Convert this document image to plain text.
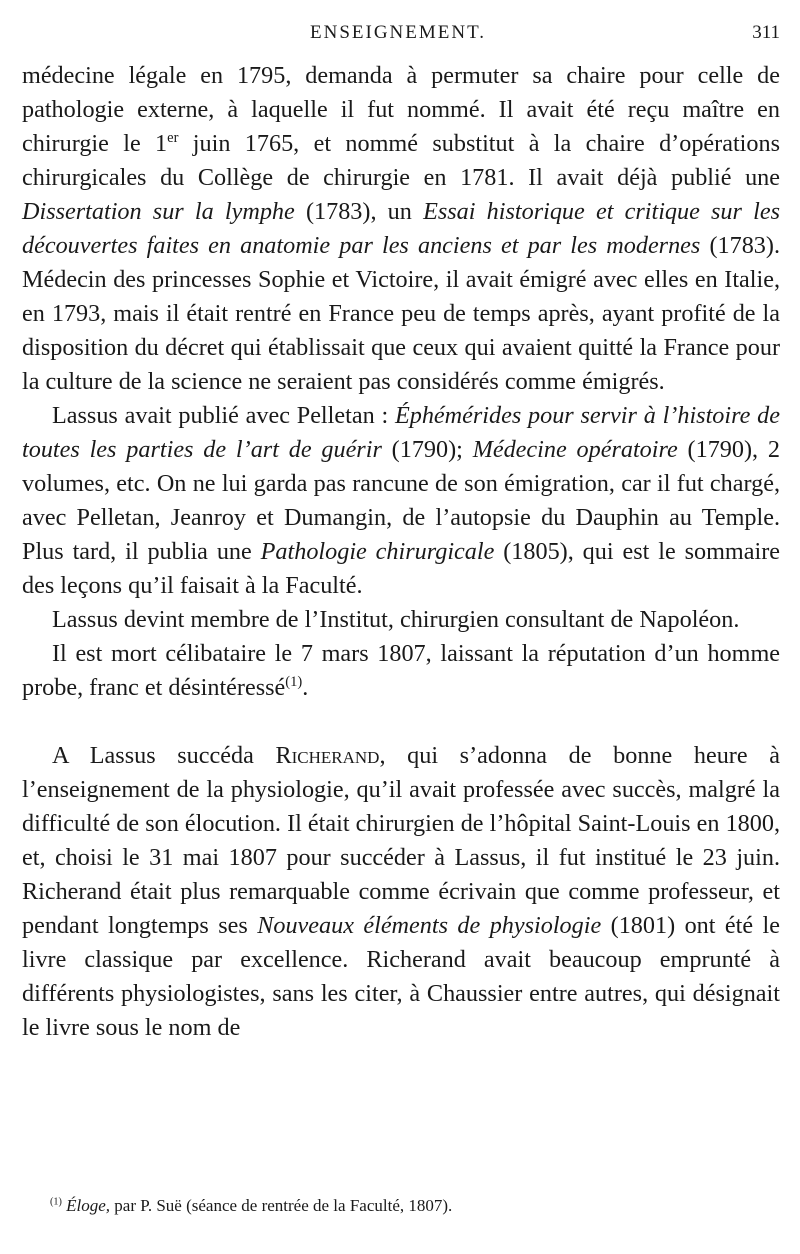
ENSEIGNEMENT.	311

médecine légale en 1795, demanda à permuter sa chaire pour celle de pathologie externe, à laquelle il fut nommé. Il avait été reçu maître en chirurgie le 1er juin 1765, et nommé substitut à la chaire d’opérations chirurgicales du Collège de chirurgie en 1781. Il avait déjà publié une Dissertation sur la lymphe (1783), un Essai historique et critique sur les découvertes faites en anatomie par les anciens et par les modernes (1783). Médecin des princesses Sophie et Victoire, il avait émigré avec elles en Italie, en 1793, mais il était rentré en France peu de temps après, ayant profité de la disposition du décret qui établissait que ceux qui avaient quitté la France pour la culture de la science ne seraient pas considérés comme émigrés.

Lassus avait publié avec Pelletan : Éphémérides pour servir à l’histoire de toutes les parties de l’art de guérir (1790); Médecine opératoire (1790), 2 volumes, etc. On ne lui garda pas rancune de son émigration, car il fut chargé, avec Pelletan, Jeanroy et Dumangin, de l’autopsie du Dauphin au Temple. Plus tard, il publia une Pathologie chirurgicale (1805), qui est le sommaire des leçons qu’il faisait à la Faculté.

Lassus devint membre de l’Institut, chirurgien consultant de Napoléon.

Il est mort célibataire le 7 mars 1807, laissant la réputation d’un homme probe, franc et désintéressé$^{(1)}$.

A Lassus succéda Richerand, qui s’adonna de bonne heure à l’enseignement de la physiologie, qu’il avait professée avec succès, malgré la difficulté de son élocution. Il était chirurgien de l’hôpital Saint-Louis en 1800, et, choisi le 31 mai 1807 pour succéder à Lassus, il fut institué le 23 juin. Richerand était plus remarquable comme écrivain que comme professeur, et pendant longtemps ses Nouveaux éléments de physiologie (1801) ont été le livre classique par excellence. Richerand avait beaucoup emprunté à différents physiologistes, sans les citer, à Chaussier entre autres, qui désignait le livre sous le nom de

$^{(1)}$ Éloge, par P. Suë (séance de rentrée de la Faculté, 1807).
